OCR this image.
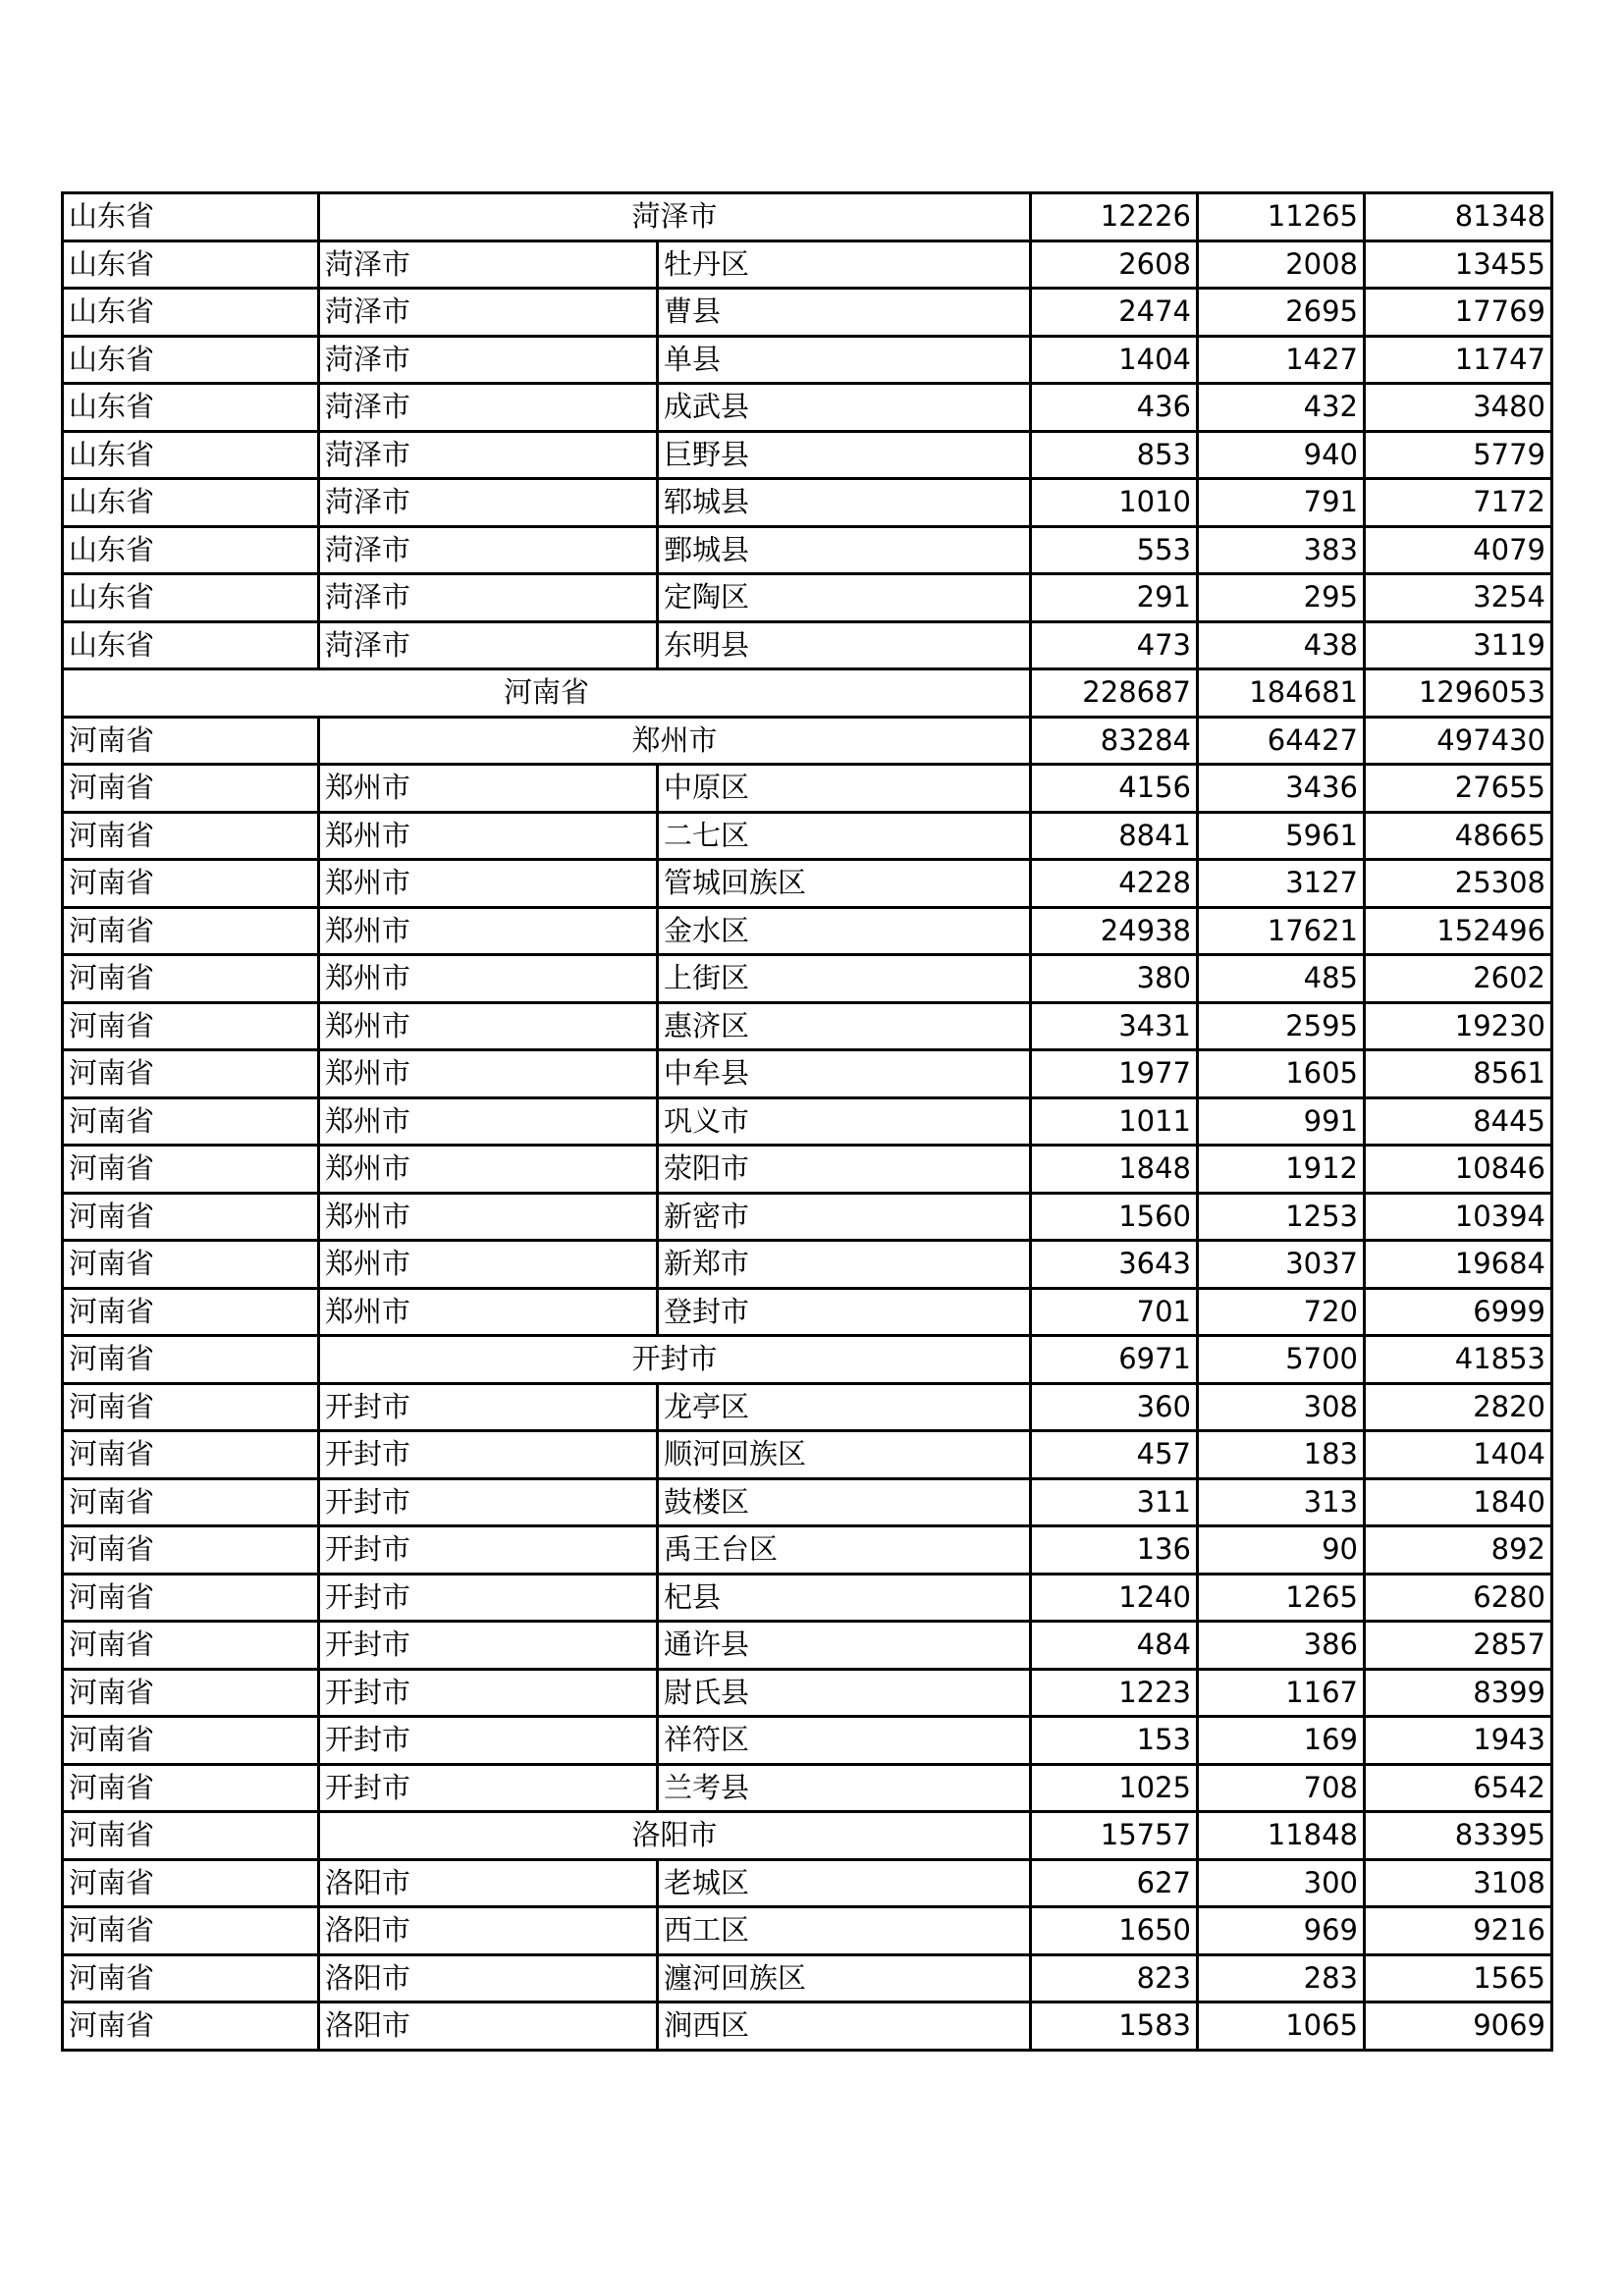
山东省	菏泽市		12226	11265	81348
山东省	菏泽市	牡丹区	2608	2008	13455
山东省	菏泽市	曹县	2474	2695	17769
山东省	菏泽市	单县	1404	1427	11747
山东省	菏泽市	成武县	436	432	3480
山东省	菏泽市	巨野县	853	940	5779
山东省	菏泽市	郓城县	1010	791	7172
山东省	菏泽市	鄄城县	553	383	4079
山东省	菏泽市	定陶区	291	295	3254
山东省	菏泽市	东明县	473	438	3119
河南省			228687	184681	1296053
河南省	郑州市		83284	64427	497430
河南省	郑州市	中原区	4156	3436	27655
河南省	郑州市	二七区	8841	5961	48665
河南省	郑州市	管城回族区	4228	3127	25308
河南省	郑州市	金水区	24938	17621	152496
河南省	郑州市	上街区	380	485	2602
河南省	郑州市	惠济区	3431	2595	19230
河南省	郑州市	中牟县	1977	1605	8561
河南省	郑州市	巩义市	1011	991	8445
河南省	郑州市	荥阳市	1848	1912	10846
河南省	郑州市	新密市	1560	1253	10394
河南省	郑州市	新郑市	3643	3037	19684
河南省	郑州市	登封市	701	720	6999
河南省	开封市		6971	5700	41853
河南省	开封市	龙亭区	360	308	2820
河南省	开封市	顺河回族区	457	183	1404
河南省	开封市	鼓楼区	311	313	1840
河南省	开封市	禹王台区	136	90	892
河南省	开封市	杞县	1240	1265	6280
河南省	开封市	通许县	484	386	2857
河南省	开封市	尉氏县	1223	1167	8399
河南省	开封市	祥符区	153	169	1943
河南省	开封市	兰考县	1025	708	6542
河南省	洛阳市		15757	11848	83395
河南省	洛阳市	老城区	627	300	3108
河南省	洛阳市	西工区	1650	969	9216
河南省	洛阳市	瀍河回族区	823	283	1565
河南省	洛阳市	涧西区	1583	1065	9069
